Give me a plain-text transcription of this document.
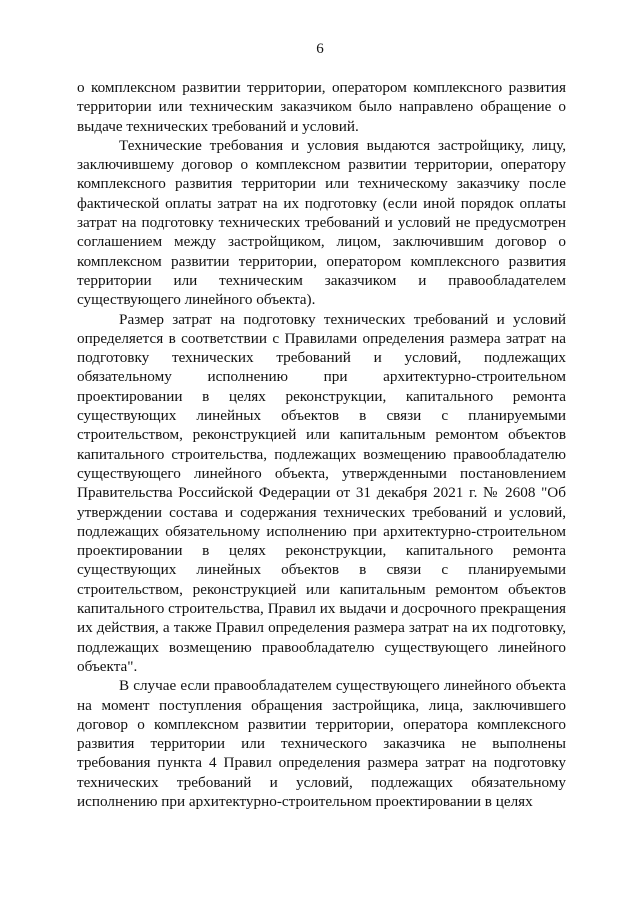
6

о комплексном развитии территории, оператором комплексного развития территории или техническим заказчиком было направлено обращение о выдаче технических требований и условий.

Технические требования и условия выдаются застройщику, лицу, заключившему договор о комплексном развитии территории, оператору комплексного развития территории или техническому заказчику после фактической оплаты затрат на их подготовку (если иной порядок оплаты затрат на подготовку технических требований и условий не предусмотрен соглашением между застройщиком, лицом, заключившим договор о комплексном развитии территории, оператором комплексного развития территории или техническим заказчиком и правообладателем существующего линейного объекта).

Размер затрат на подготовку технических требований и условий определяется в соответствии с Правилами определения размера затрат на подготовку технических требований и условий, подлежащих обязательному исполнению при архитектурно-строительном проектировании в целях реконструкции, капитального ремонта существующих линейных объектов в связи с планируемыми строительством, реконструкцией или капитальным ремонтом объектов капитального строительства, подлежащих возмещению правообладателю существующего линейного объекта, утвержденными постановлением Правительства Российской Федерации от 31 декабря 2021 г. № 2608 "Об утверждении состава и содержания технических требований и условий, подлежащих обязательному исполнению при архитектурно-строительном проектировании в целях реконструкции, капитального ремонта существующих линейных объектов в связи с планируемыми строительством, реконструкцией или капитальным ремонтом объектов капитального строительства, Правил их выдачи и досрочного прекращения их действия, а также Правил определения размера затрат на их подготовку, подлежащих возмещению правообладателю существующего линейного объекта".

В случае если правообладателем существующего линейного объекта на момент поступления обращения застройщика, лица, заключившего договор о комплексном развитии территории, оператора комплексного развития территории или технического заказчика не выполнены требования пункта 4 Правил определения размера затрат на подготовку технических требований и условий, подлежащих обязательному исполнению при архитектурно-строительном проектировании в целях
